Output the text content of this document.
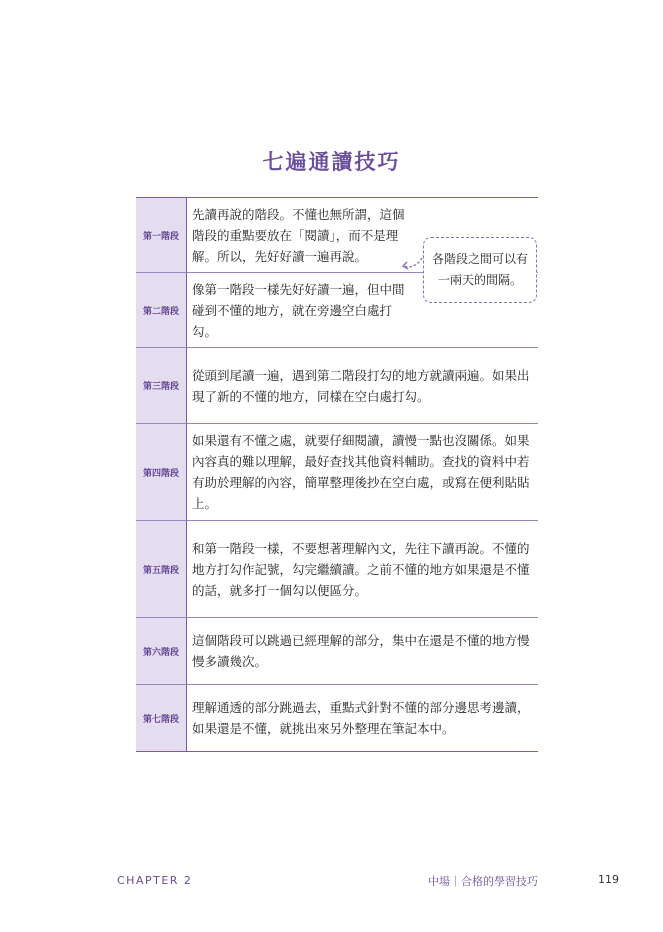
七遍通讀技巧
第一階段
先讀再說的階段。不懂也無所謂，這個階段的重點要放在「閱讀」，而不是理解。所以，先好好讀一遍再說。
第二階段
像第一階段一樣先好好讀一遍，但中間碰到不懂的地方，就在旁邊空白處打勾。
第三階段
從頭到尾讀一遍，遇到第二階段打勾的地方就讀兩遍。如果出現了新的不懂的地方，同樣在空白處打勾。
第四階段
如果還有不懂之處，就要仔細閱讀，讀慢一點也沒關係。如果內容真的難以理解，最好查找其他資料輔助。查找的資料中若有助於理解的內容，簡單整理後抄在空白處，或寫在便利貼貼上。
第五階段
和第一階段一樣，不要想著理解內文，先往下讀再說。不懂的地方打勾作記號，勾完繼續讀。之前不懂的地方如果還是不懂的話，就多打一個勾以便區分。
第六階段
這個階段可以跳過已經理解的部分，集中在還是不懂的地方慢慢多讀幾次。
第七階段
理解通透的部分跳過去，重點式針對不懂的部分邊思考邊讀，如果還是不懂，就挑出來另外整理在筆記本中。
各階段之間可以有一兩天的間隔。
CHAPTER 2	中場｜合格的學習技巧	119
